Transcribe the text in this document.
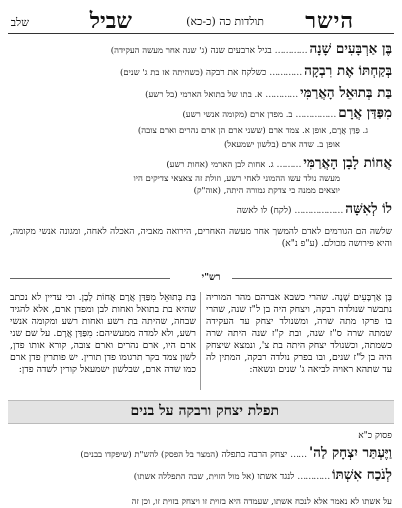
הישר
תולדות כה (כ-כא)
שביל
שלב
בֶּן אַרְבָּעִים שָׁנָה ………… בגיל ארבעים שנה (ג' שנה אחר מעשה העקידה)
בְּקַחְתּוֹ אֶת רִבְקָה ………… כשלקח את רבקה (כשהיתה אז בת ג' שנים)
בַּת בְּתוּאֵל הָאֲרַמִּי ………… א. בתו של בתואל הארמי (בל רשע)
מִפַּדַּן אֲרָם …………… ב. מפדן ארם (מקומה אנשי רשע)
ג. פַּדַּן אֲרָם, אופן א. צמד ארם (ששני ארם הן ארם נהרים וארם צובה)
אופן ב. שדה ארם (בלשון ישמעאל)
אֲחוֹת לָבָן הָאֲרַמִּי ……… ג. אחות לבן הארמי (אחות רשע)
מעשה נולד עשו ההמוני לאחי רשע, וזולת זה צאצאי צדיקים היו
יוצאים ממנה כי צדקת גמורה היתה, (אוה"ק)
לוֹ לְאִשָּׁה ……………… (לקח) לו לאשה
שלשה הם הגורמים לאדם להמשך אחר מעשה האחרים, הירואה מאביה, האכלה לאחה, ומגונה אנשי מקומה, והיא פירושה מכולם. (ע"פ נ"א)
רש"י
בֶּן אַרְבָּעִים שָׁנָה. שהרי כשבא אברהם מהר המוריה נתבשר שנולדה רבקה, ויצחק היה בן ל"ז שנה, שהרי בו פרקו מתה שרה, ומשנולד יצחק עד העקידה שמתה שרה ס"ז שנה, ובת ק"ז שנה היתה שרה כשמתה, וכשנולד יצחק היתה בת צ', ונמצא שיצחק היה בן ל"ז שנים, ובו בפרק נולדה רבקה, המתין לה עד שתהא ראויה לביאה ג' שנים ונשאה:
בַּת בְּתוּאֵל מִפַּדַּן אֲרָם אֲחוֹת לָבָן. וכי עדיין לא נכתב שהיא בת בתואל ואחות לבן ומפדן ארם, אלא להגיד שבחה, שהיתה בת רשע ואחות רשע ומקומה אנשי רשע, ולא למדה ממעשיהם: מִפַּדַּן אֲרָם. על שם שני ארם היו, ארם נהרים וארם צובה, קורא אותו פדן, לשון צמד בקר תרגומו פדן תורין. יש פותרין פדן ארם כמו שדה ארם, שבלשון ישמעאל קורין לשדה פדן:
תפלת יצחק ורבקה על בנים
פסוק כ"א
וַיֶּעְתַּר יִצְחָק לַה' …… יצחק הרבה בתפלה (המצר בל הפסק) להש"ת (שיפקדו בבנים)
לְנֹכַח אִשְׁתּוֹ ………… לנגד אשתו (אל מול הזוית, שבה התפללה אשתו)
על אשתו לא נאמר אלא לנכח אשתו, שעמדה היא בזוית זו ויצחק בזוית זו, וכן זה
